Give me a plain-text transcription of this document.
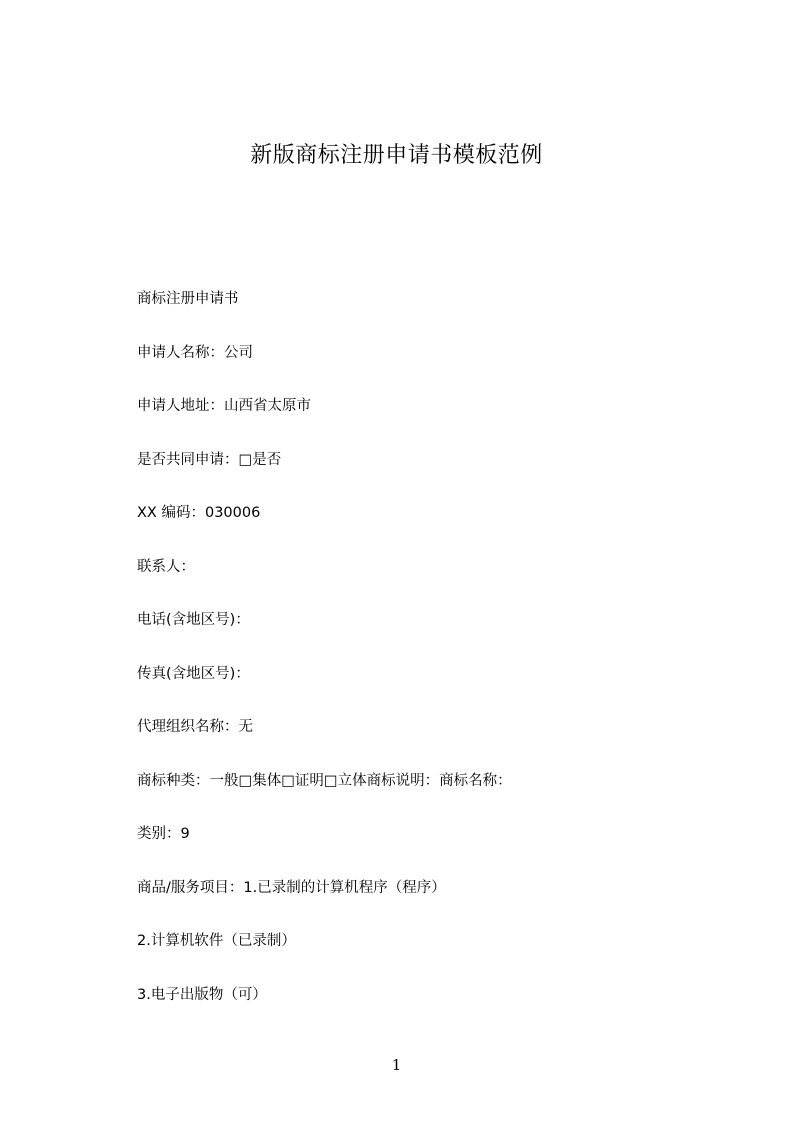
新版商标注册申请书模板范例
商标注册申请书
申请人名称：公司
申请人地址：山西省太原市
是否共同申请：□是否
XX 编码：030006
联系人：
电话(含地区号)：
传真(含地区号)：
代理组织名称：无
商标种类：一般□集体□证明□立体商标说明：商标名称：
类别：9
商品/服务项目：1.已录制的计算机程序（程序）
2.计算机软件（已录制）
3.电子出版物（可）
1
